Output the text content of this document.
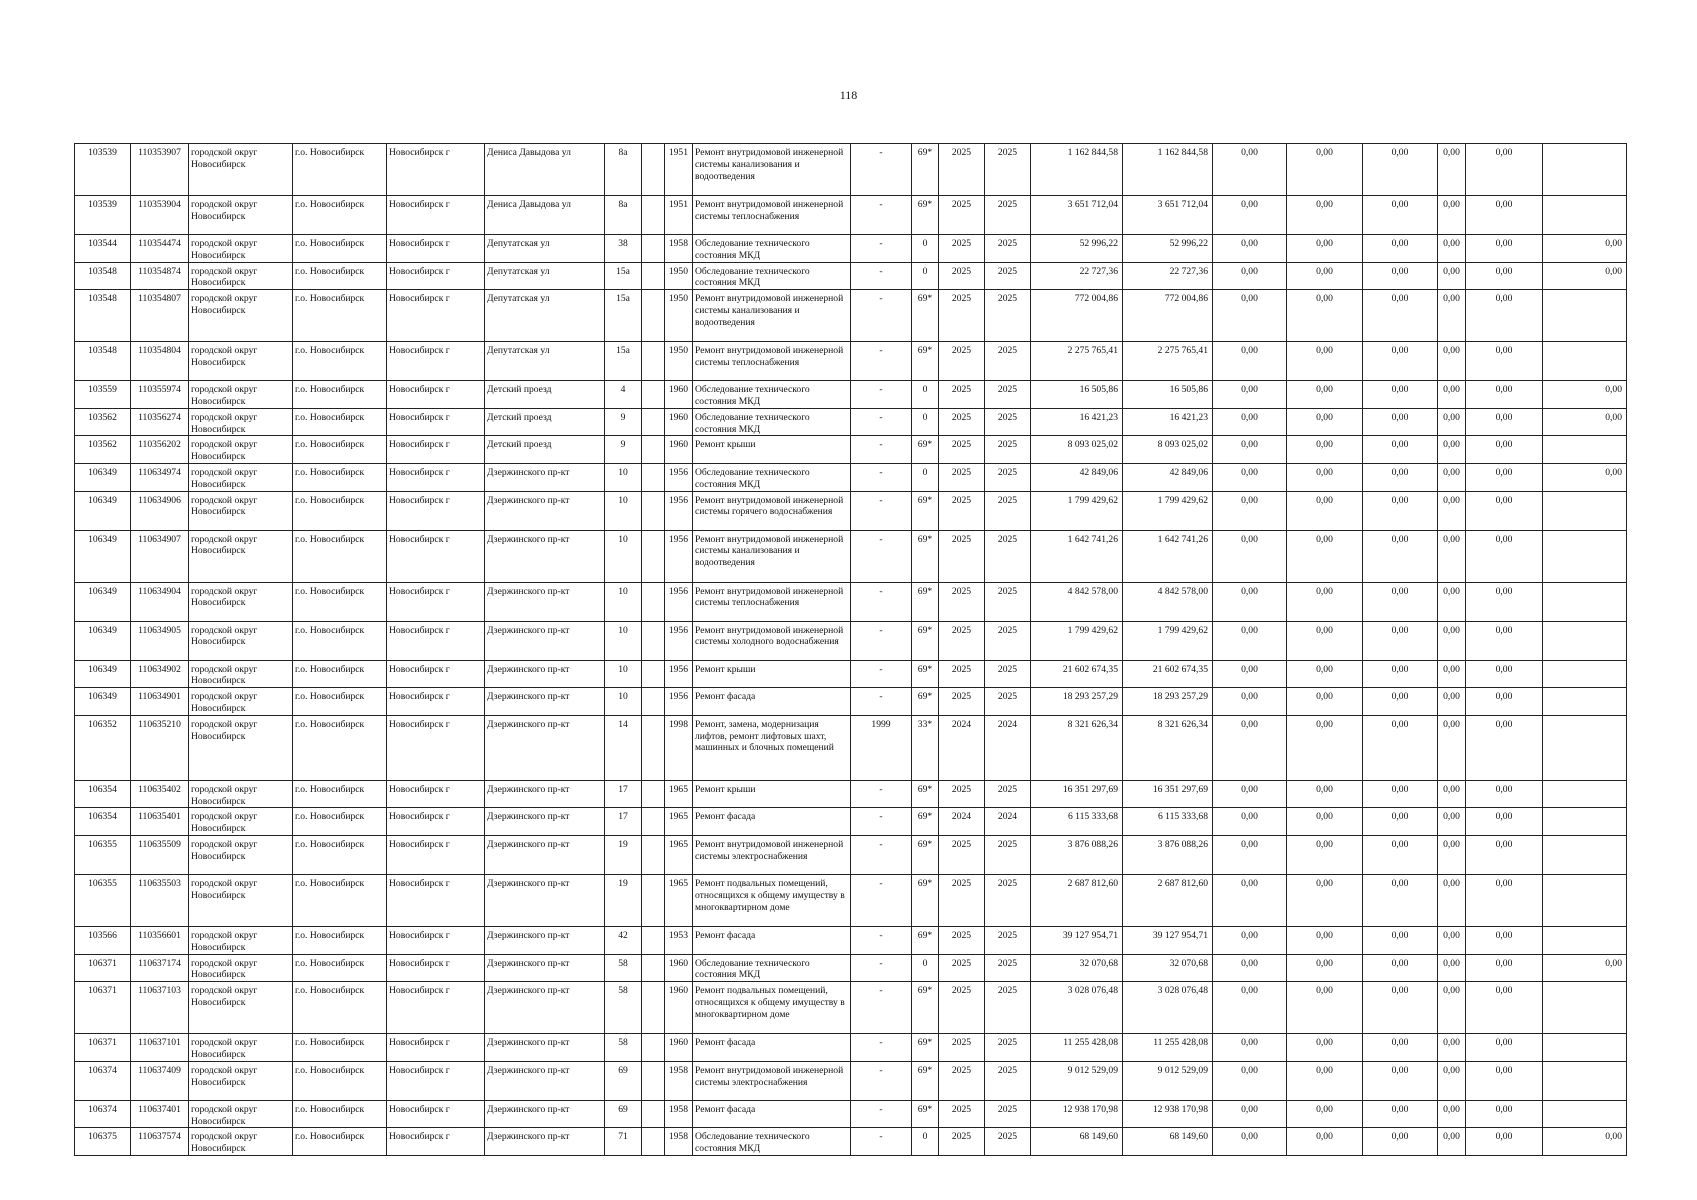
118
103539	110353907	городской округ Новосибирск	г.о. Новосибирск	Новосибирск г	Дениса Давыдова ул	8а		1951	Ремонт внутридомовой инженерной системы канализования и водоотведения	-	69*	2025	2025	1 162 844,58	1 162 844,58	0,00	0,00	0,00	0,00	0,00	
103539	110353904	городской округ Новосибирск	г.о. Новосибирск	Новосибирск г	Дениса Давыдова ул	8а		1951	Ремонт внутридомовой инженерной системы теплоснабжения	-	69*	2025	2025	3 651 712,04	3 651 712,04	0,00	0,00	0,00	0,00	0,00	
103544	110354474	городской округ Новосибирск	г.о. Новосибирск	Новосибирск г	Депутатская ул	38		1958	Обследование технического состояния МКД	-	0	2025	2025	52 996,22	52 996,22	0,00	0,00	0,00	0,00	0,00	0,00
103548	110354874	городской округ Новосибирск	г.о. Новосибирск	Новосибирск г	Депутатская ул	15а		1950	Обследование технического состояния МКД	-	0	2025	2025	22 727,36	22 727,36	0,00	0,00	0,00	0,00	0,00	0,00
103548	110354807	городской округ Новосибирск	г.о. Новосибирск	Новосибирск г	Депутатская ул	15а		1950	Ремонт внутридомовой инженерной системы канализования и водоотведения	-	69*	2025	2025	772 004,86	772 004,86	0,00	0,00	0,00	0,00	0,00	
103548	110354804	городской округ Новосибирск	г.о. Новосибирск	Новосибирск г	Депутатская ул	15а		1950	Ремонт внутридомовой инженерной системы теплоснабжения	-	69*	2025	2025	2 275 765,41	2 275 765,41	0,00	0,00	0,00	0,00	0,00	
103559	110355974	городской округ Новосибирск	г.о. Новосибирск	Новосибирск г	Детский проезд	4		1960	Обследование технического состояния МКД	-	0	2025	2025	16 505,86	16 505,86	0,00	0,00	0,00	0,00	0,00	0,00
103562	110356274	городской округ Новосибирск	г.о. Новосибирск	Новосибирск г	Детский проезд	9		1960	Обследование технического состояния МКД	-	0	2025	2025	16 421,23	16 421,23	0,00	0,00	0,00	0,00	0,00	0,00
103562	110356202	городской округ Новосибирск	г.о. Новосибирск	Новосибирск г	Детский проезд	9		1960	Ремонт крыши	-	69*	2025	2025	8 093 025,02	8 093 025,02	0,00	0,00	0,00	0,00	0,00	
106349	110634974	городской округ Новосибирск	г.о. Новосибирск	Новосибирск г	Дзержинского пр-кт	10		1956	Обследование технического состояния МКД	-	0	2025	2025	42 849,06	42 849,06	0,00	0,00	0,00	0,00	0,00	0,00
106349	110634906	городской округ Новосибирск	г.о. Новосибирск	Новосибирск г	Дзержинского пр-кт	10		1956	Ремонт внутридомовой инженерной системы горячего водоснабжения	-	69*	2025	2025	1 799 429,62	1 799 429,62	0,00	0,00	0,00	0,00	0,00	
106349	110634907	городской округ Новосибирск	г.о. Новосибирск	Новосибирск г	Дзержинского пр-кт	10		1956	Ремонт внутридомовой инженерной системы канализования и водоотведения	-	69*	2025	2025	1 642 741,26	1 642 741,26	0,00	0,00	0,00	0,00	0,00	
106349	110634904	городской округ Новосибирск	г.о. Новосибирск	Новосибирск г	Дзержинского пр-кт	10		1956	Ремонт внутридомовой инженерной системы теплоснабжения	-	69*	2025	2025	4 842 578,00	4 842 578,00	0,00	0,00	0,00	0,00	0,00	
106349	110634905	городской округ Новосибирск	г.о. Новосибирск	Новосибирск г	Дзержинского пр-кт	10		1956	Ремонт внутридомовой инженерной системы холодного водоснабжения	-	69*	2025	2025	1 799 429,62	1 799 429,62	0,00	0,00	0,00	0,00	0,00	
106349	110634902	городской округ Новосибирск	г.о. Новосибирск	Новосибирск г	Дзержинского пр-кт	10		1956	Ремонт крыши	-	69*	2025	2025	21 602 674,35	21 602 674,35	0,00	0,00	0,00	0,00	0,00	
106349	110634901	городской округ Новосибирск	г.о. Новосибирск	Новосибирск г	Дзержинского пр-кт	10		1956	Ремонт фасада	-	69*	2025	2025	18 293 257,29	18 293 257,29	0,00	0,00	0,00	0,00	0,00	
106352	110635210	городской округ Новосибирск	г.о. Новосибирск	Новосибирск г	Дзержинского пр-кт	14		1998	Ремонт, замена, модернизация лифтов, ремонт лифтовых шахт, машинных и блочных помещений	1999	33*	2024	2024	8 321 626,34	8 321 626,34	0,00	0,00	0,00	0,00	0,00	
106354	110635402	городской округ Новосибирск	г.о. Новосибирск	Новосибирск г	Дзержинского пр-кт	17		1965	Ремонт крыши	-	69*	2025	2025	16 351 297,69	16 351 297,69	0,00	0,00	0,00	0,00	0,00	
106354	110635401	городской округ Новосибирск	г.о. Новосибирск	Новосибирск г	Дзержинского пр-кт	17		1965	Ремонт фасада	-	69*	2024	2024	6 115 333,68	6 115 333,68	0,00	0,00	0,00	0,00	0,00	
106355	110635509	городской округ Новосибирск	г.о. Новосибирск	Новосибирск г	Дзержинского пр-кт	19		1965	Ремонт внутридомовой инженерной системы электроснабжения	-	69*	2025	2025	3 876 088,26	3 876 088,26	0,00	0,00	0,00	0,00	0,00	
106355	110635503	городской округ Новосибирск	г.о. Новосибирск	Новосибирск г	Дзержинского пр-кт	19		1965	Ремонт подвальных помещений, относящихся к общему имуществу в многоквартирном доме	-	69*	2025	2025	2 687 812,60	2 687 812,60	0,00	0,00	0,00	0,00	0,00	
103566	110356601	городской округ Новосибирск	г.о. Новосибирск	Новосибирск г	Дзержинского пр-кт	42		1953	Ремонт фасада	-	69*	2025	2025	39 127 954,71	39 127 954,71	0,00	0,00	0,00	0,00	0,00	
106371	110637174	городской округ Новосибирск	г.о. Новосибирск	Новосибирск г	Дзержинского пр-кт	58		1960	Обследование технического состояния МКД	-	0	2025	2025	32 070,68	32 070,68	0,00	0,00	0,00	0,00	0,00	0,00
106371	110637103	городской округ Новосибирск	г.о. Новосибирск	Новосибирск г	Дзержинского пр-кт	58		1960	Ремонт подвальных помещений, относящихся к общему имуществу в многоквартирном доме	-	69*	2025	2025	3 028 076,48	3 028 076,48	0,00	0,00	0,00	0,00	0,00	
106371	110637101	городской округ Новосибирск	г.о. Новосибирск	Новосибирск г	Дзержинского пр-кт	58		1960	Ремонт фасада	-	69*	2025	2025	11 255 428,08	11 255 428,08	0,00	0,00	0,00	0,00	0,00	
106374	110637409	городской округ Новосибирск	г.о. Новосибирск	Новосибирск г	Дзержинского пр-кт	69		1958	Ремонт внутридомовой инженерной системы электроснабжения	-	69*	2025	2025	9 012 529,09	9 012 529,09	0,00	0,00	0,00	0,00	0,00	
106374	110637401	городской округ Новосибирск	г.о. Новосибирск	Новосибирск г	Дзержинского пр-кт	69		1958	Ремонт фасада	-	69*	2025	2025	12 938 170,98	12 938 170,98	0,00	0,00	0,00	0,00	0,00	
106375	110637574	городской округ Новосибирск	г.о. Новосибирск	Новосибирск г	Дзержинского пр-кт	71		1958	Обследование технического состояния МКД	-	0	2025	2025	68 149,60	68 149,60	0,00	0,00	0,00	0,00	0,00	0,00
